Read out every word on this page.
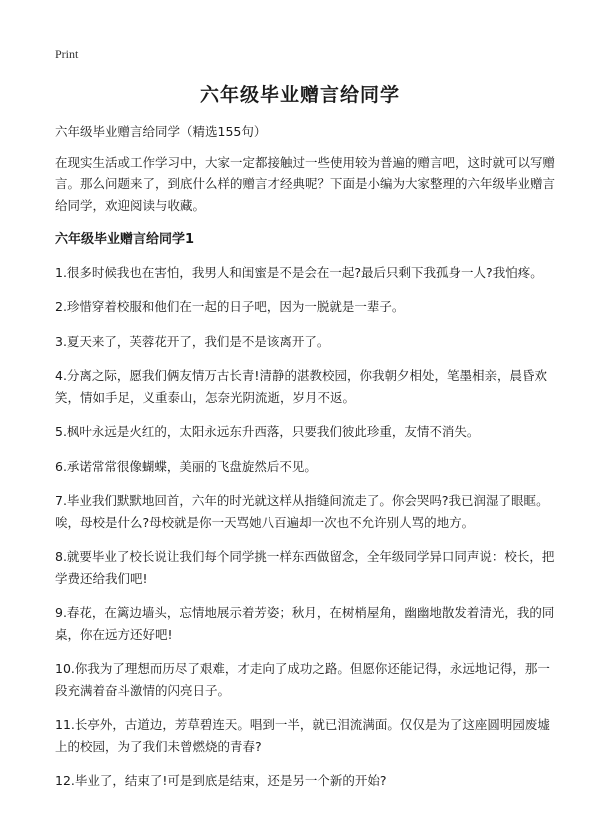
Print
六年级毕业赠言给同学

六年级毕业赠言给同学（精选155句）

在现实生活或工作学习中，大家一定都接触过一些使用较为普遍的赠言吧，这时就可以写赠言。那么问题来了，到底什么样的赠言才经典呢？下面是小编为大家整理的六年级毕业赠言给同学，欢迎阅读与收藏。

六年级毕业赠言给同学1

1.很多时候我也在害怕，我男人和闺蜜是不是会在一起?最后只剩下我孤身一人?我怕疼。

2.珍惜穿着校服和他们在一起的日子吧，因为一脱就是一辈子。

3.夏天来了，芙蓉花开了，我们是不是该离开了。

4.分离之际，愿我们俩友情万古长青!清静的湛教校园，你我朝夕相处，笔墨相亲，晨昏欢笑，情如手足，义重泰山，怎奈光阴流逝，岁月不返。

5.枫叶永远是火红的，太阳永远东升西落，只要我们彼此珍重，友情不消失。

6.承诺常常很像蝴蝶，美丽的飞盘旋然后不见。

7.毕业我们默默地回首，六年的时光就这样从指缝间流走了。你会哭吗?我已润湿了眼眶。唉，母校是什么?母校就是你一天骂她八百遍却一次也不允许别人骂的地方。

8.就要毕业了校长说让我们每个同学挑一样东西做留念，全年级同学异口同声说：校长，把学费还给我们吧!

9.春花，在篱边墙头，忘情地展示着芳姿；秋月，在树梢屋角，幽幽地散发着清光，我的同桌，你在远方还好吧!

10.你我为了理想而历尽了艰难，才走向了成功之路。但愿你还能记得，永远地记得，那一段充满着奋斗激情的闪亮日子。

11.长亭外，古道边，芳草碧连天。唱到一半，就已泪流满面。仅仅是为了这座圆明园废墟上的校园，为了我们未曾燃烧的青春?

12.毕业了，结束了!可是到底是结束，还是另一个新的开始?
